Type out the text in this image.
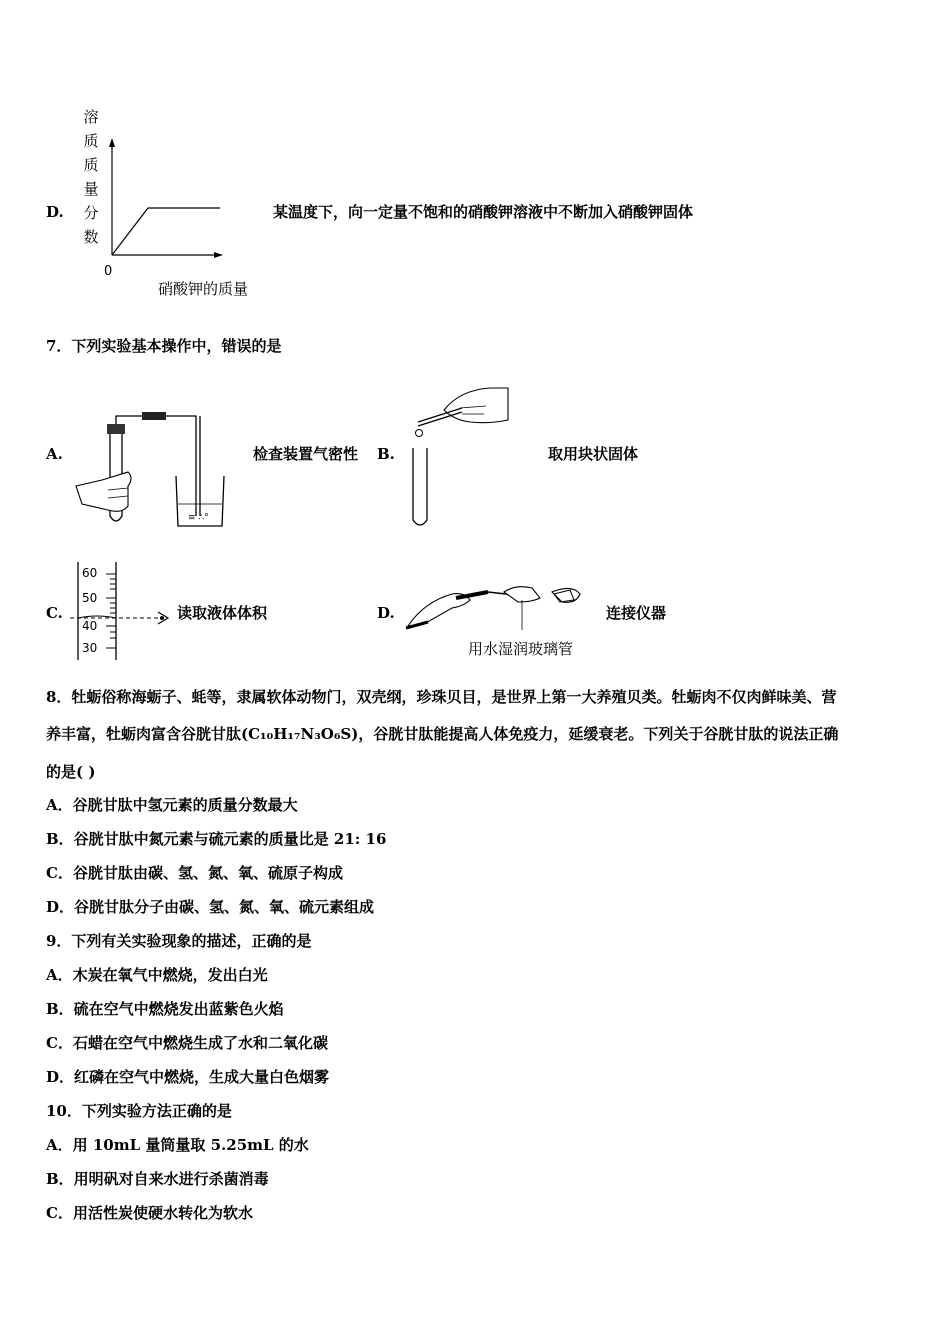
D.
溶
质
质
量
分
数
0
硝酸钾的质量
某温度下，向一定量不饱和的硝酸钾溶液中不断加入硝酸钾固体
7．下列实验基本操作中，错误的是
A.
≡ ∴°
检查装置气密性 B.	取用块状固体
C.
60
50
40
30
读取液体体积	D.
用水湿润玻璃管
连接仪器
8．牡蛎俗称海蛎子、蚝等，隶属软体动物门，双壳纲，珍珠贝目，是世界上第一大养殖贝类。牡蛎肉不仅肉鲜味美、营
养丰富，牡蛎肉富含谷胱甘肽(C₁₀H₁₇N₃O₆S)，谷胱甘肽能提高人体免疫力，延缓衰老。下列关于谷胱甘肽的说法正确
的是( )
A．谷胱甘肽中氢元素的质量分数最大
B．谷胱甘肽中氮元素与硫元素的质量比是 21: 16
C．谷胱甘肽由碳、氢、氮、氧、硫原子构成
D．谷胱甘肽分子由碳、氢、氮、氧、硫元素组成
9．下列有关实验现象的描述，正确的是
A．木炭在氧气中燃烧，发出白光
B．硫在空气中燃烧发出蓝紫色火焰
C．石蜡在空气中燃烧生成了水和二氧化碳
D．红磷在空气中燃烧，生成大量白色烟雾
10．下列实验方法正确的是
A．用 10mL 量筒量取 5.25mL 的水
B．用明矾对自来水进行杀菌消毒
C．用活性炭使硬水转化为软水
